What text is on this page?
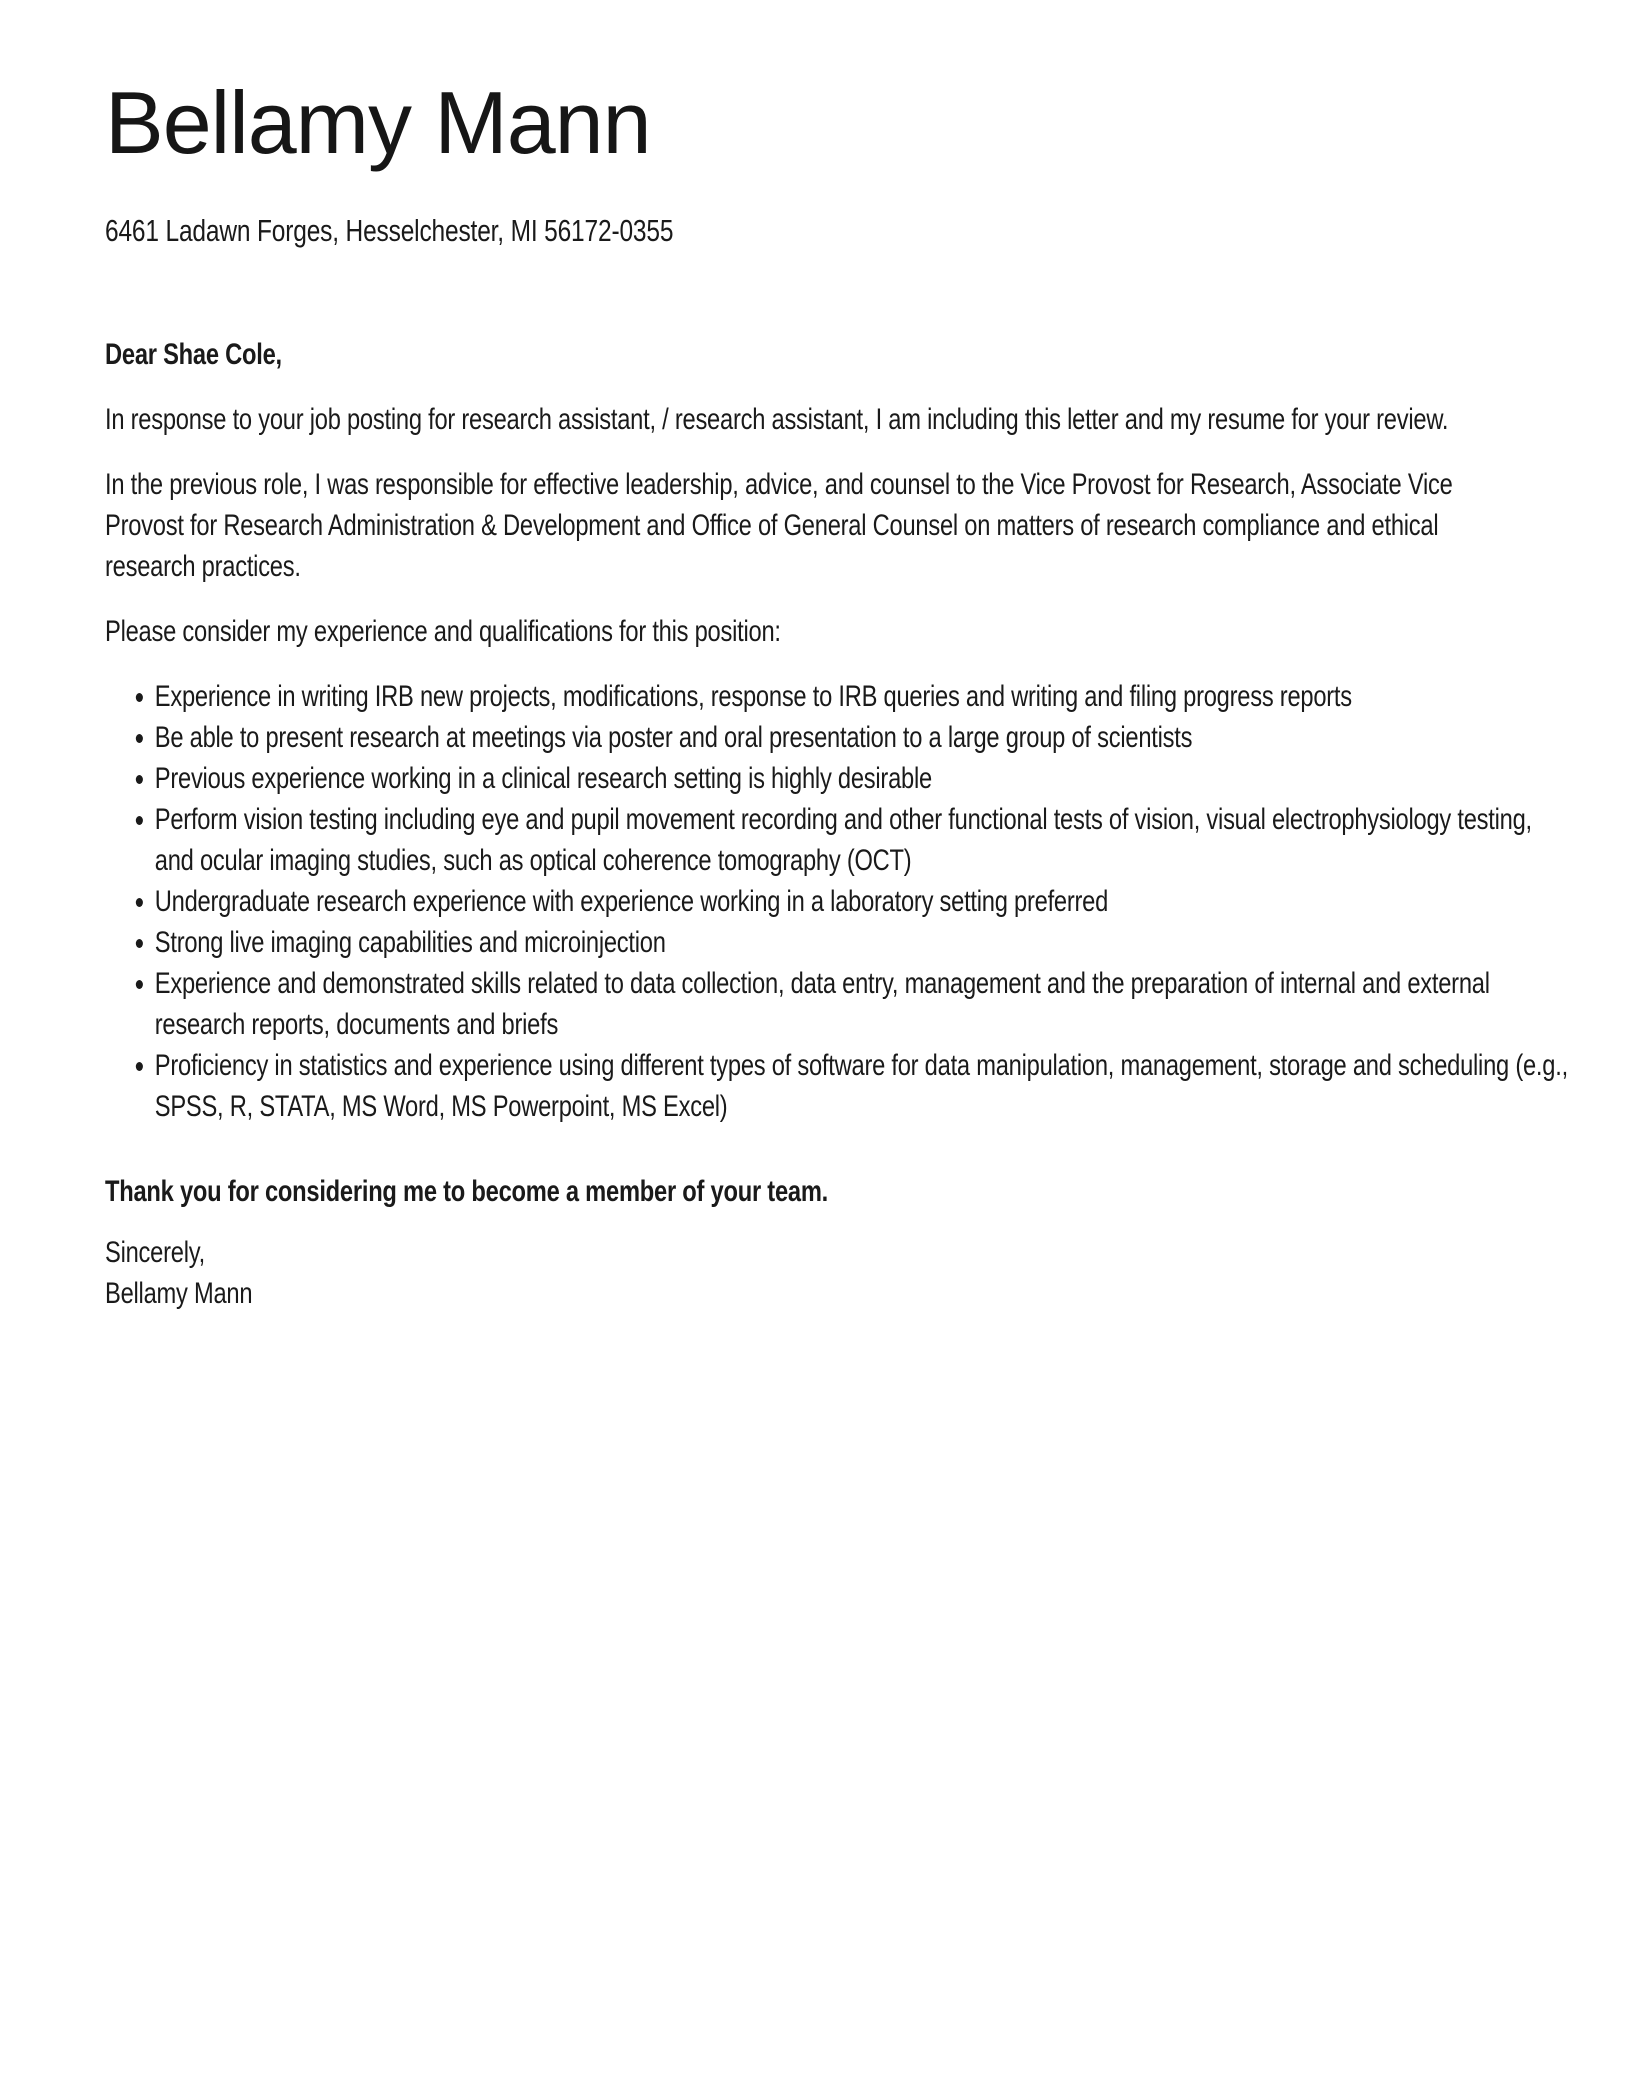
Bellamy Mann
6461 Ladawn Forges, Hesselchester, MI 56172-0355

Dear Shae Cole,

In response to your job posting for research assistant, / research assistant, I am including this letter and my resume for your review.

In the previous role, I was responsible for effective leadership, advice, and counsel to the Vice Provost for Research, Associate Vice Provost for Research Administration & Development and Office of General Counsel on matters of research compliance and ethical research practices.

Please consider my experience and qualifications for this position:

• Experience in writing IRB new projects, modifications, response to IRB queries and writing and filing progress reports
• Be able to present research at meetings via poster and oral presentation to a large group of scientists
• Previous experience working in a clinical research setting is highly desirable
• Perform vision testing including eye and pupil movement recording and other functional tests of vision, visual electrophysiology testing, and ocular imaging studies, such as optical coherence tomography (OCT)
• Undergraduate research experience with experience working in a laboratory setting preferred
• Strong live imaging capabilities and microinjection
• Experience and demonstrated skills related to data collection, data entry, management and the preparation of internal and external research reports, documents and briefs
• Proficiency in statistics and experience using different types of software for data manipulation, management, storage and scheduling (e.g., SPSS, R, STATA, MS Word, MS Powerpoint, MS Excel)

Thank you for considering me to become a member of your team.

Sincerely,
Bellamy Mann
